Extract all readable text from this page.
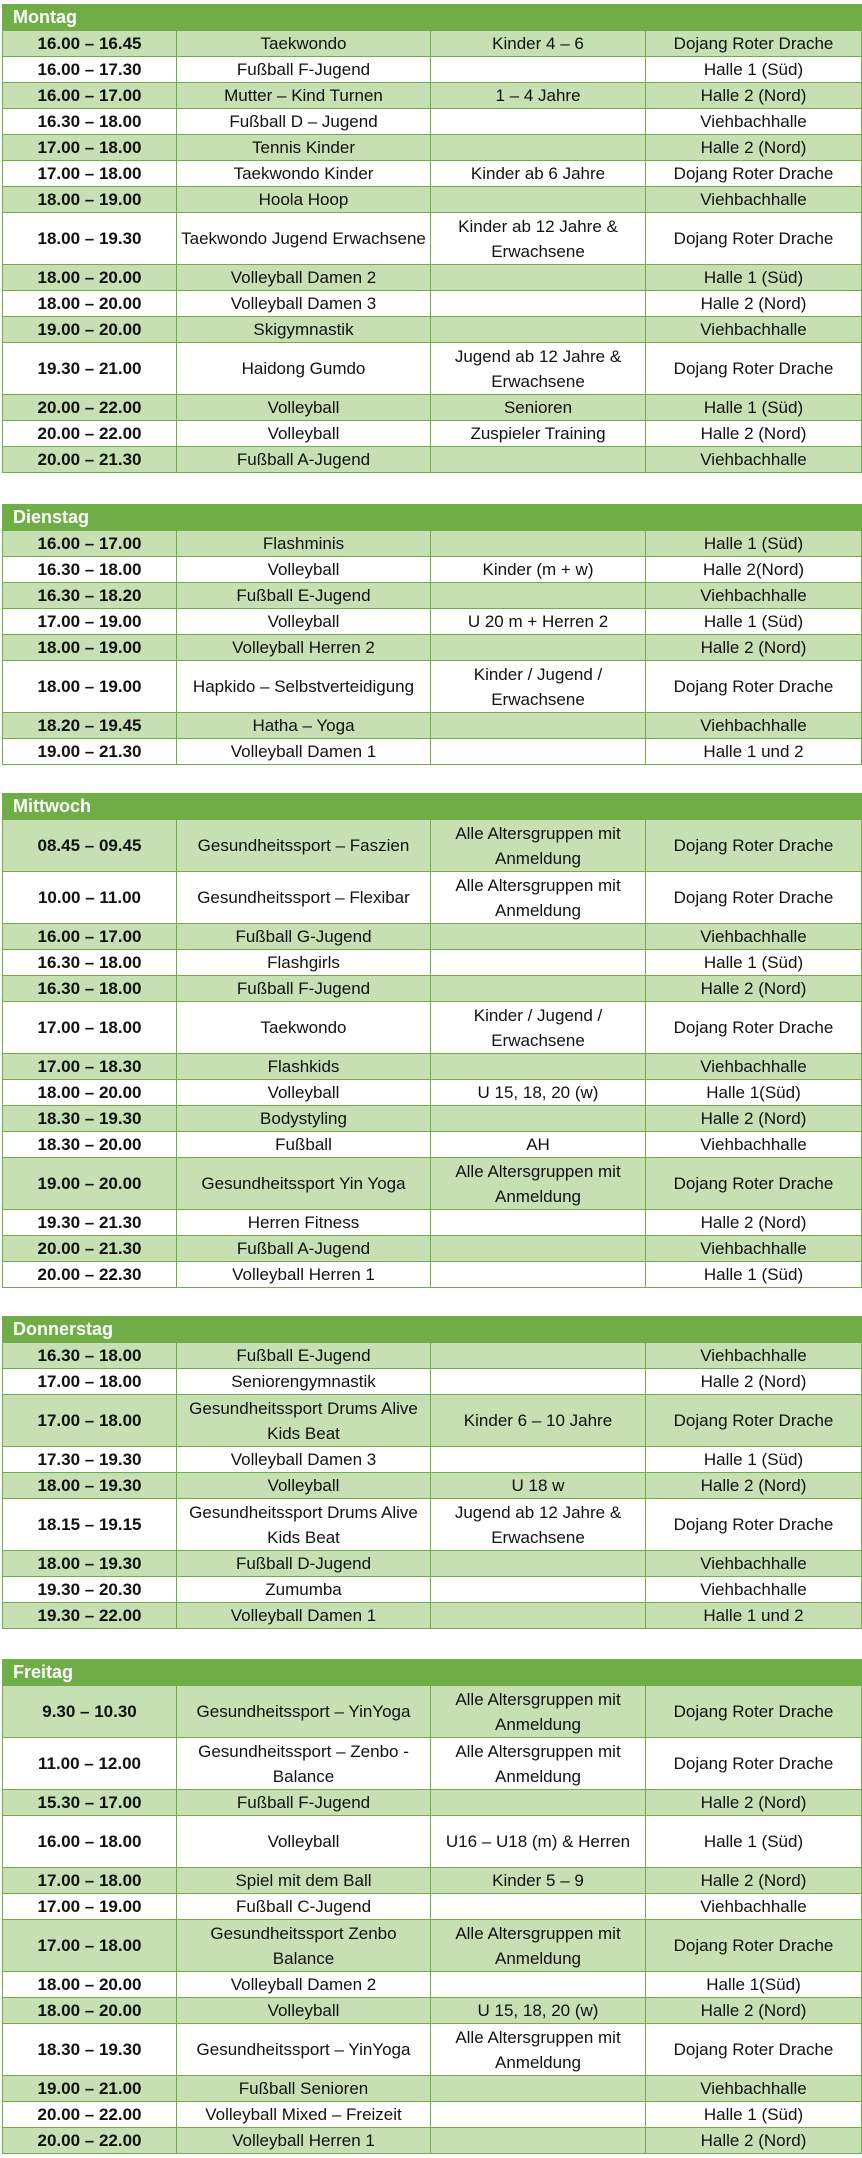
Montag			
16.00 – 16.45	Taekwondo	Kinder 4 – 6	Dojang Roter Drache
16.00 – 17.30	Fußball F-Jugend		Halle 1 (Süd)
16.00 – 17.00	Mutter – Kind Turnen	1 – 4 Jahre	Halle 2 (Nord)
16.30 – 18.00	Fußball D – Jugend		Viehbachhalle
17.00 – 18.00	Tennis Kinder		Halle 2 (Nord)
17.00 – 18.00	Taekwondo Kinder	Kinder ab 6 Jahre	Dojang Roter Drache
18.00 – 19.00	Hoola Hoop		Viehbachhalle
18.00 – 19.30	Taekwondo Jugend Erwachsene	Kinder ab 12 Jahre & Erwachsene	Dojang Roter Drache
18.00 – 20.00	Volleyball Damen 2		Halle 1 (Süd)
18.00 – 20.00	Volleyball Damen 3		Halle 2 (Nord)
19.00 – 20.00	Skigymnastik		Viehbachhalle
19.30 – 21.00	Haidong Gumdo	Jugend ab 12 Jahre & Erwachsene	Dojang Roter Drache
20.00 – 22.00	Volleyball	Senioren	Halle 1 (Süd)
20.00 – 22.00	Volleyball	Zuspieler Training	Halle 2 (Nord)
20.00 – 21.30	Fußball A-Jugend		Viehbachhalle
Dienstag			
16.00 – 17.00	Flashminis		Halle 1 (Süd)
16.30 – 18.00	Volleyball	Kinder (m + w)	Halle 2(Nord)
16.30 – 18.20	Fußball E-Jugend		Viehbachhalle
17.00 – 19.00	Volleyball	U 20 m + Herren 2	Halle 1 (Süd)
18.00 – 19.00	Volleyball Herren 2		Halle 2 (Nord)
18.00 – 19.00	Hapkido – Selbstverteidigung	Kinder / Jugend / Erwachsene	Dojang Roter Drache
18.20 – 19.45	Hatha – Yoga		Viehbachhalle
19.00 – 21.30	Volleyball Damen 1		Halle 1 und 2
Mittwoch			
08.45 – 09.45	Gesundheitssport – Faszien	Alle Altersgruppen mit Anmeldung	Dojang Roter Drache
10.00 – 11.00	Gesundheitssport – Flexibar	Alle Altersgruppen mit Anmeldung	Dojang Roter Drache
16.00 – 17.00	Fußball G-Jugend		Viehbachhalle
16.30 – 18.00	Flashgirls		Halle 1 (Süd)
16.30 – 18.00	Fußball F-Jugend		Halle 2 (Nord)
17.00 – 18.00	Taekwondo	Kinder / Jugend / Erwachsene	Dojang Roter Drache
17.00 – 18.30	Flashkids		Viehbachhalle
18.00 – 20.00	Volleyball	U 15, 18, 20 (w)	Halle 1(Süd)
18.30 – 19.30	Bodystyling		Halle 2 (Nord)
18.30 – 20.00	Fußball	AH	Viehbachhalle
19.00 – 20.00	Gesundheitssport Yin Yoga	Alle Altersgruppen mit Anmeldung	Dojang Roter Drache
19.30 – 21.30	Herren Fitness		Halle 2 (Nord)
20.00 – 21.30	Fußball A-Jugend		Viehbachhalle
20.00 – 22.30	Volleyball Herren 1		Halle 1 (Süd)
Donnerstag			
16.30 – 18.00	Fußball E-Jugend		Viehbachhalle
17.00 – 18.00	Seniorengymnastik		Halle 2 (Nord)
17.00 – 18.00	Gesundheitssport Drums Alive Kids Beat	Kinder 6 – 10 Jahre	Dojang Roter Drache
17.30 – 19.30	Volleyball Damen 3		Halle 1 (Süd)
18.00 – 19.30	Volleyball	U 18 w	Halle 2 (Nord)
18.15 – 19.15	Gesundheitssport Drums Alive Kids Beat	Jugend ab 12 Jahre & Erwachsene	Dojang Roter Drache
18.00 – 19.30	Fußball D-Jugend		Viehbachhalle
19.30 – 20.30	Zumumba		Viehbachhalle
19.30 – 22.00	Volleyball Damen 1		Halle 1 und 2
Freitag			
9.30 – 10.30	Gesundheitssport – YinYoga	Alle Altersgruppen mit Anmeldung	Dojang Roter Drache
11.00 – 12.00	Gesundheitssport – Zenbo - Balance	Alle Altersgruppen mit Anmeldung	Dojang Roter Drache
15.30 – 17.00	Fußball F-Jugend		Halle 2 (Nord)
16.00 – 18.00	Volleyball	U16 – U18 (m) & Herren	Halle 1 (Süd)
17.00 – 18.00	Spiel mit dem Ball	Kinder 5 – 9	Halle 2 (Nord)
17.00 – 19.00	Fußball C-Jugend		Viehbachhalle
17.00 – 18.00	Gesundheitssport Zenbo Balance	Alle Altersgruppen mit Anmeldung	Dojang Roter Drache
18.00 – 20.00	Volleyball Damen 2		Halle 1(Süd)
18.00 – 20.00	Volleyball	U 15, 18, 20 (w)	Halle 2 (Nord)
18.30 – 19.30	Gesundheitssport – YinYoga	Alle Altersgruppen mit Anmeldung	Dojang Roter Drache
19.00 – 21.00	Fußball Senioren		Viehbachhalle
20.00 – 22.00	Volleyball Mixed – Freizeit		Halle 1 (Süd)
20.00 – 22.00	Volleyball Herren 1		Halle 2 (Nord)
